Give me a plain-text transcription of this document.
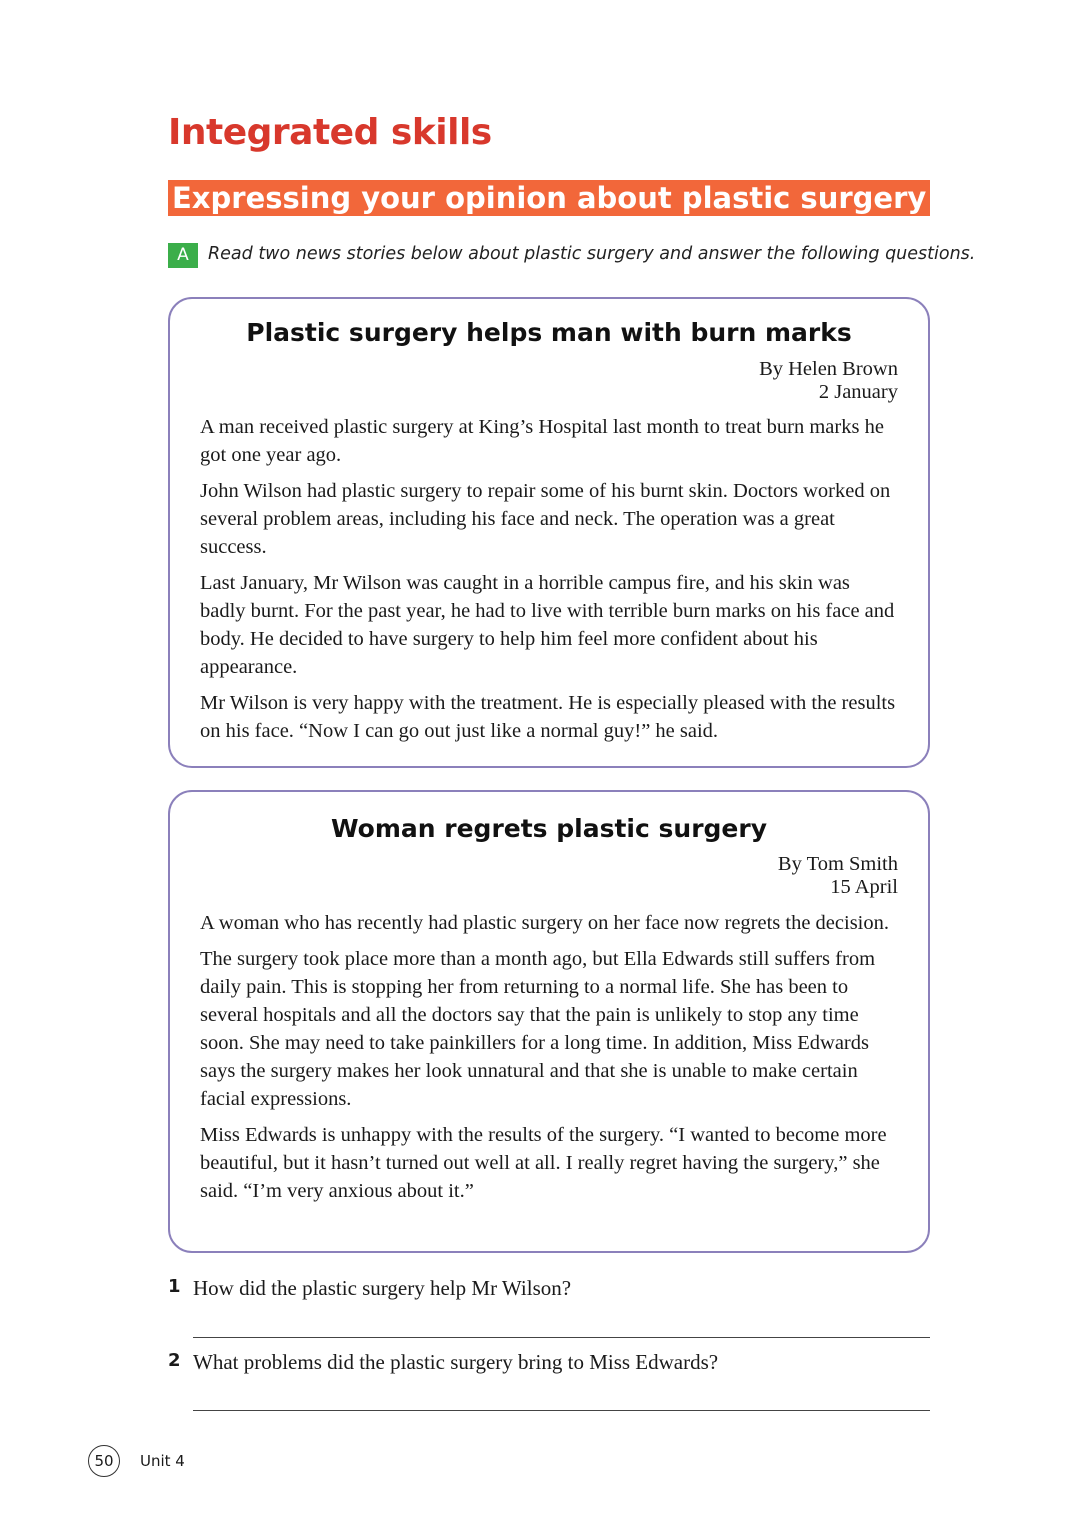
Integrated skills
Expressing your opinion about plastic surgery
A	Read two news stories below about plastic surgery and answer the following questions.
Plastic surgery helps man with burn marks
By Helen Brown
2 January

A man received plastic surgery at King’s Hospital last month to treat burn marks he got one year ago.

John Wilson had plastic surgery to repair some of his burnt skin. Doctors worked on several problem areas, including his face and neck. The operation was a great success.

Last January, Mr Wilson was caught in a horrible campus fire, and his skin was badly burnt. For the past year, he had to live with terrible burn marks on his face and body. He decided to have surgery to help him feel more confident about his appearance.

Mr Wilson is very happy with the treatment. He is especially pleased with the results on his face. “Now I can go out just like a normal guy!” he said.

Woman regrets plastic surgery
By Tom Smith
15 April

A woman who has recently had plastic surgery on her face now regrets the decision.

The surgery took place more than a month ago, but Ella Edwards still suffers from daily pain. This is stopping her from returning to a normal life. She has been to several hospitals and all the doctors say that the pain is unlikely to stop any time soon. She may need to take painkillers for a long time. In addition, Miss Edwards says the surgery makes her look unnatural and that she is unable to make certain facial expressions.

Miss Edwards is unhappy with the results of the surgery. “I wanted to become more beautiful, but it hasn’t turned out well at all. I really regret having the surgery,” she said. “I’m very anxious about it.”

1 How did the plastic surgery help Mr Wilson?
2 What problems did the plastic surgery bring to Miss Edwards?
50	Unit 4
